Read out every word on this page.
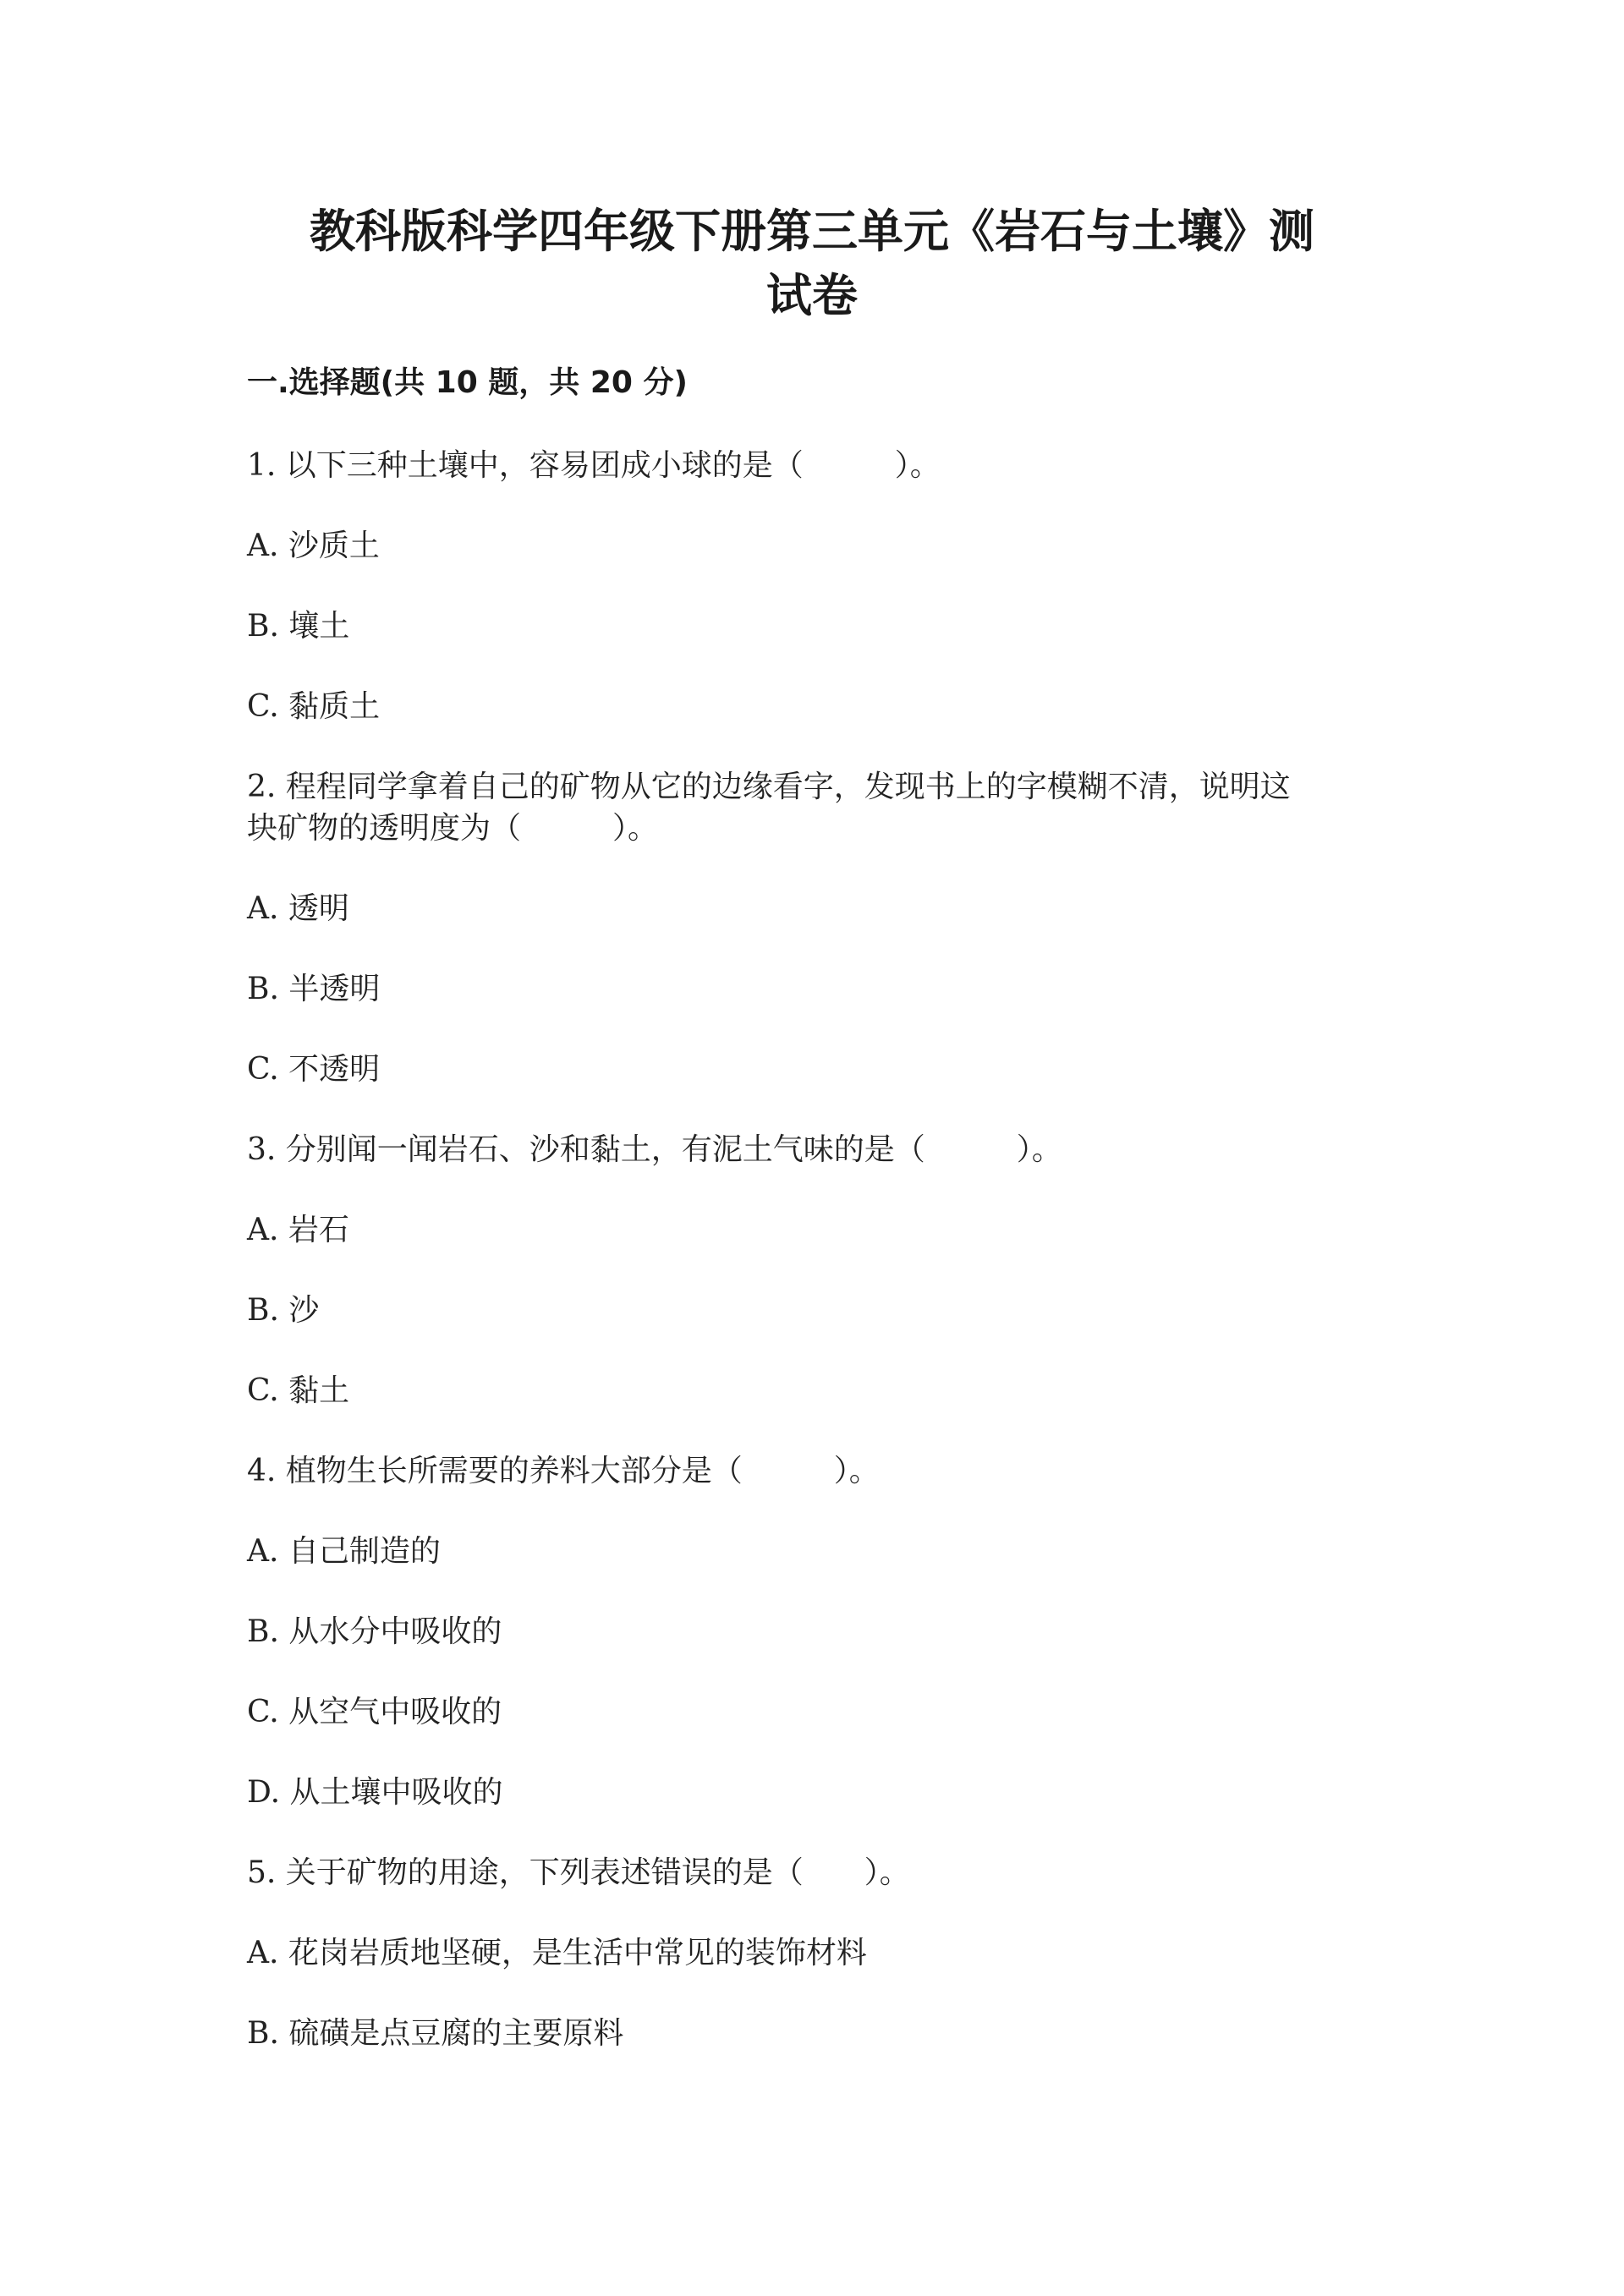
教科版科学四年级下册第三单元《岩石与土壤》测
试卷
一.选择题(共 10 题，共 20 分)
1. 以下三种土壤中，容易团成小球的是（　　　）。
A. 沙质土
B. 壤土
C. 黏质土
2. 程程同学拿着自己的矿物从它的边缘看字，发现书上的字模糊不清，说明这
块矿物的透明度为（　　　）。
A. 透明
B. 半透明
C. 不透明
3. 分别闻一闻岩石、沙和黏土，有泥土气味的是（　　　）。
A. 岩石
B. 沙
C. 黏土
4. 植物生长所需要的养料大部分是（　　　）。
A. 自己制造的
B. 从水分中吸收的
C. 从空气中吸收的
D. 从土壤中吸收的
5. 关于矿物的用途，下列表述错误的是（　　）。
A. 花岗岩质地坚硬，是生活中常见的装饰材料
B. 硫磺是点豆腐的主要原料
